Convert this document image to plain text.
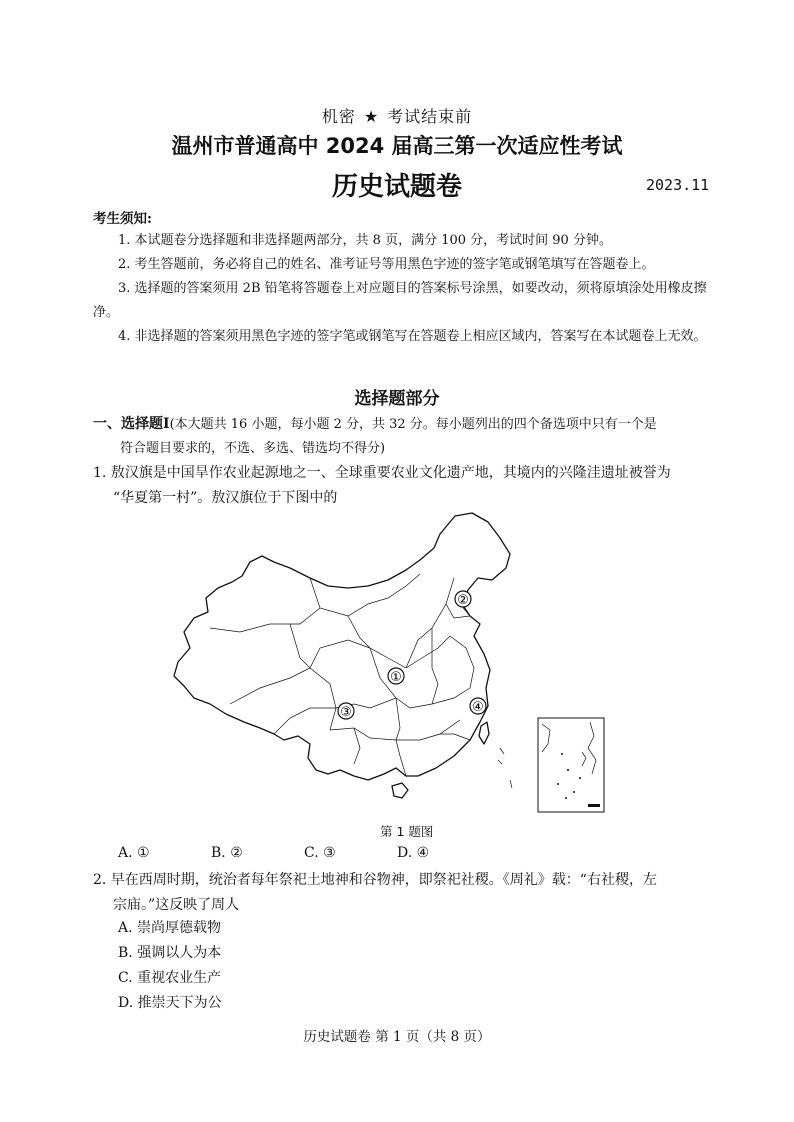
机密 ★ 考试结束前
温州市普通高中 2024 届高三第一次适应性考试
历史试题卷	2023.11
考生须知:

1. 本试题卷分选择题和非选择题两部分，共 8 页，满分 100 分，考试时间 90 分钟。

2. 考生答题前，务必将自己的姓名、准考证号等用黑色字迹的签字笔或钢笔填写在答题卷上。

3. 选择题的答案须用 2B 铅笔将答题卷上对应题目的答案标号涂黑，如要改动，须将原填涂处用橡皮擦净。

4. 非选择题的答案须用黑色字迹的签字笔或钢笔写在答题卷上相应区域内，答案写在本试题卷上无效。

选择题部分
一、选择题Ⅰ(本大题共 16 小题，每小题 2 分，共 32 分。每小题列出的四个备选项中只有一个是
符合题目要求的，不选、多选、错选均不得分)
1. 敖汉旗是中国旱作农业起源地之一、全球重要农业文化遗产地，其境内的兴隆洼遗址被誉为
“华夏第一村”。敖汉旗位于下图中的
①
②
③	④
第 1 题图
A. ①	B. ②	C. ③	D. ④
2. 早在西周时期，统治者每年祭祀土地神和谷物神，即祭祀社稷。《周礼》载：“右社稷，左
宗庙。”这反映了周人
A. 崇尚厚德载物
B. 强调以人为本
C. 重视农业生产
D. 推崇天下为公
历史试题卷 第 1 页（共 8 页）
